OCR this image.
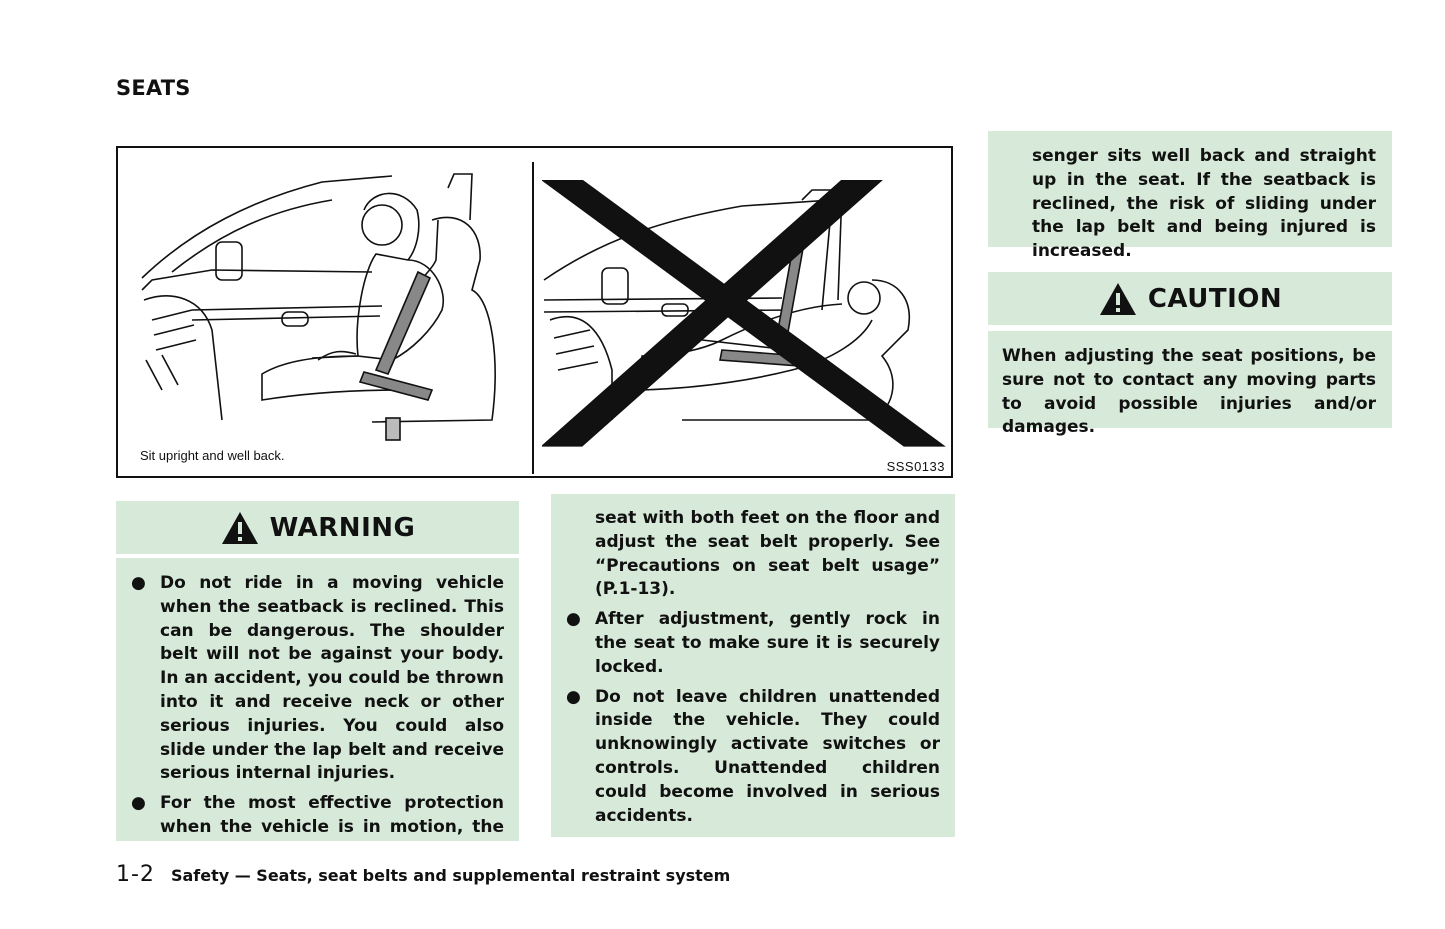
SEATS
Sit upright and well back.
SSS0133
WARNING
● Do not ride in a moving vehicle when the seatback is reclined. This can be dangerous. The shoulder belt will not be against your body. In an accident, you could be thrown into it and receive neck or other serious injuries. You could also slide under the lap belt and receive serious internal injuries.
● For the most effective protection when the vehicle is in motion, the
seat with both feet on the floor and adjust the seat belt properly. See “Precautions on seat belt usage” (P.1-13).
● After adjustment, gently rock in the seat to make sure it is securely locked.
● Do not leave children unattended inside the vehicle. They could unknowingly activate switches or controls. Unattended children could become involved in serious accidents.
senger sits well back and straight up in the seat. If the seatback is reclined, the risk of sliding under the lap belt and being injured is increased.
CAUTION
When adjusting the seat positions, be sure not to contact any moving parts to avoid possible injuries and/or damages.
1-2 Safety — Seats, seat belts and supplemental restraint system
